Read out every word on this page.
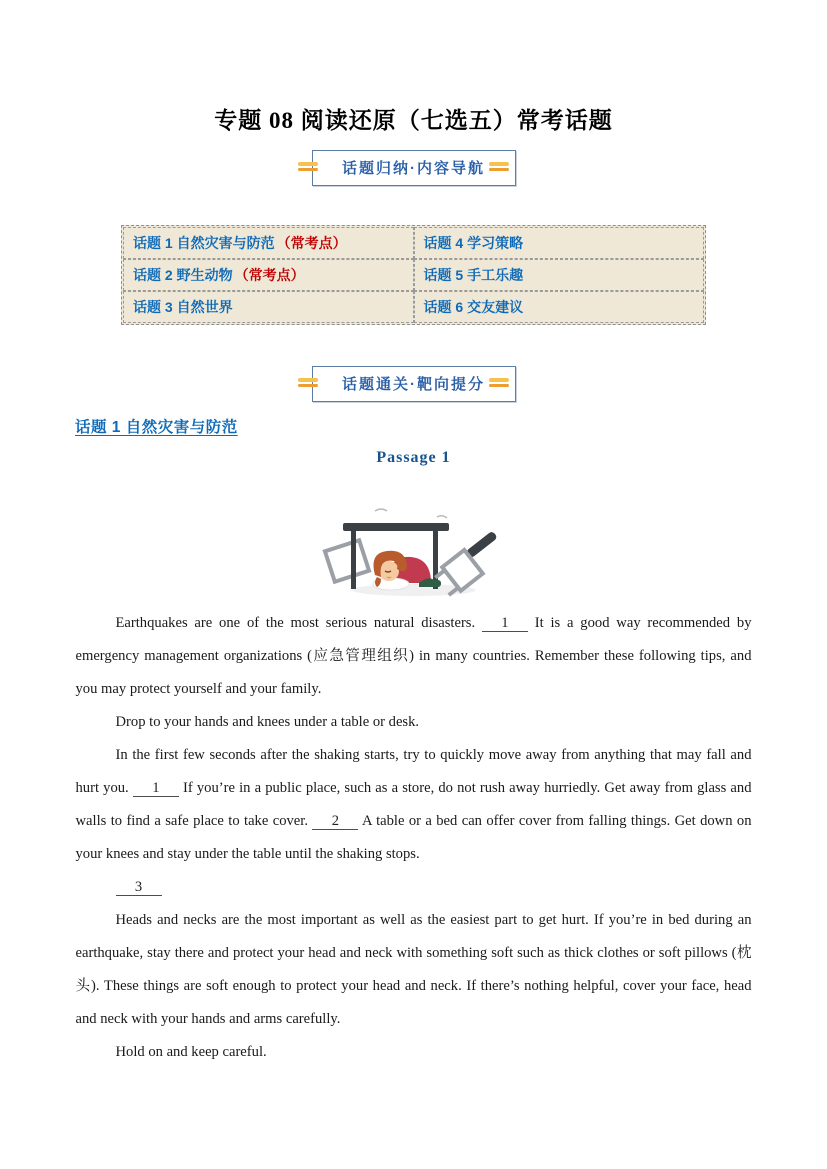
专题 08 阅读还原（七选五）常考话题
话题归纳·内容导航
话题 1 自然灾害与防范 （常考点）	话题 4 学习策略
话题 2 野生动物 （常考点）	话题 5 手工乐趣
话题 3 自然世界	话题 6 交友建议
话题通关·靶向提分
话题 1 自然灾害与防范
Passage 1

Earthquakes are one of the most serious natural disasters. 1 It is a good way recommended by emergency management organizations (应急管理组织) in many countries. Remember these following tips, and you may protect yourself and your family.

Drop to your hands and knees under a table or desk.

In the first few seconds after the shaking starts, try to quickly move away from anything that may fall and hurt you. 1 If you’re in a public place, such as a store, do not rush away hurriedly. Get away from glass and walls to find a safe place to take cover. 2 A table or a bed can offer cover from falling things. Get down on your knees and stay under the table until the shaking stops.

3

Heads and necks are the most important as well as the easiest part to get hurt. If you’re in bed during an earthquake, stay there and protect your head and neck with something soft such as thick clothes or soft pillows (枕头). These things are soft enough to protect your head and neck. If there’s nothing helpful, cover your face, head and neck with your hands and arms carefully.

Hold on and keep careful.
